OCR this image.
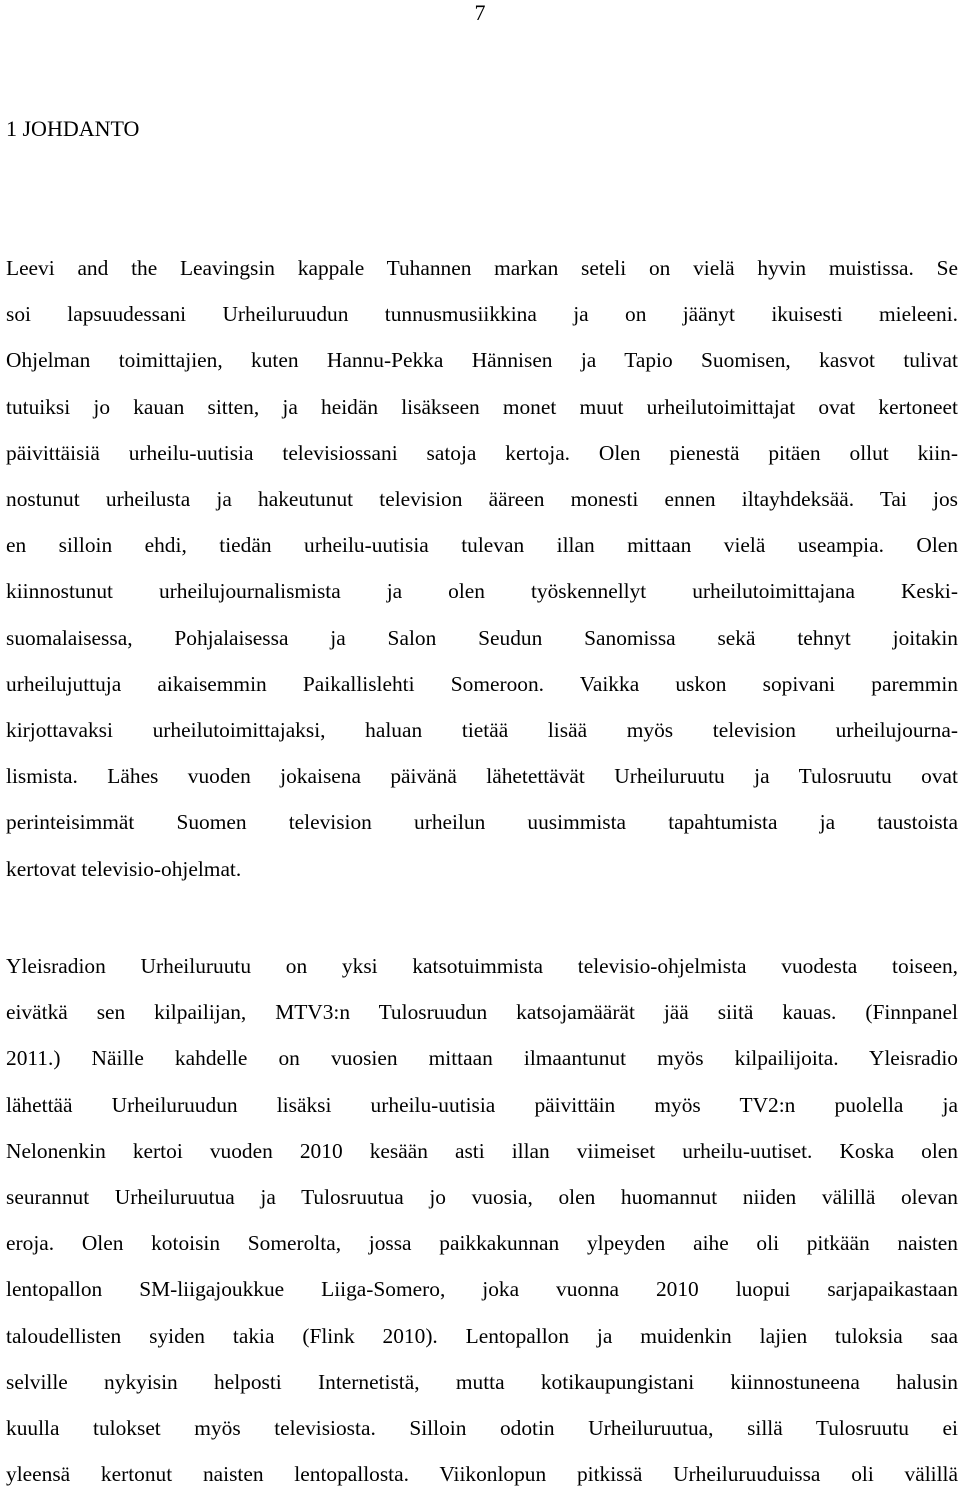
7
1 JOHDANTO

Leevi and the Leavingsin kappale Tuhannen markan seteli on vielä hyvin muistissa. Se
soi lapsuudessani Urheiluruudun tunnusmusiikkina ja on jäänyt ikuisesti mieleeni.
Ohjelman toimittajien, kuten Hannu-Pekka Hännisen ja Tapio Suomisen, kasvot tulivat
tutuiksi jo kauan sitten, ja heidän lisäkseen monet muut urheilutoimittajat ovat kertoneet
päivittäisiä urheilu-uutisia televisiossani satoja kertoja. Olen pienestä pitäen ollut kiin-
nostunut urheilusta ja hakeutunut television ääreen monesti ennen iltayhdeksää. Tai jos
en silloin ehdi, tiedän urheilu-uutisia tulevan illan mittaan vielä useampia. Olen
kiinnostunut urheilujournalismista ja olen työskennellyt urheilutoimittajana Keski-
suomalaisessa, Pohjalaisessa ja Salon Seudun Sanomissa sekä tehnyt joitakin
urheilujuttuja aikaisemmin Paikallislehti Someroon. Vaikka uskon sopivani paremmin
kirjottavaksi urheilutoimittajaksi, haluan tietää lisää myös television urheilujourna-
lismista. Lähes vuoden jokaisena päivänä lähetettävät Urheiluruutu ja Tulosruutu ovat
perinteisimmät Suomen television urheilun uusimmista tapahtumista ja taustoista
kertovat televisio-ohjelmat.

Yleisradion Urheiluruutu on yksi katsotuimmista televisio-ohjelmista vuodesta toiseen,
eivätkä sen kilpailijan, MTV3:n Tulosruudun katsojamäärät jää siitä kauas. (Finnpanel
2011.) Näille kahdelle on vuosien mittaan ilmaantunut myös kilpailijoita. Yleisradio
lähettää Urheiluruudun lisäksi urheilu-uutisia päivittäin myös TV2:n puolella ja
Nelonenkin kertoi vuoden 2010 kesään asti illan viimeiset urheilu-uutiset. Koska olen
seurannut Urheiluruutua ja Tulosruutua jo vuosia, olen huomannut niiden välillä olevan
eroja. Olen kotoisin Somerolta, jossa paikkakunnan ylpeyden aihe oli pitkään naisten
lentopallon SM-liigajoukkue Liiga-Somero, joka vuonna 2010 luopui sarjapaikastaan
taloudellisten syiden takia (Flink 2010). Lentopallon ja muidenkin lajien tuloksia saa
selville nykyisin helposti Internetistä, mutta kotikaupungistani kiinnostuneena halusin
kuulla tulokset myös televisiosta. Silloin odotin Urheiluruutua, sillä Tulosruutu ei
yleensä kertonut naisten lentopallosta. Viikonlopun pitkissä Urheiluruuduissa oli välillä
